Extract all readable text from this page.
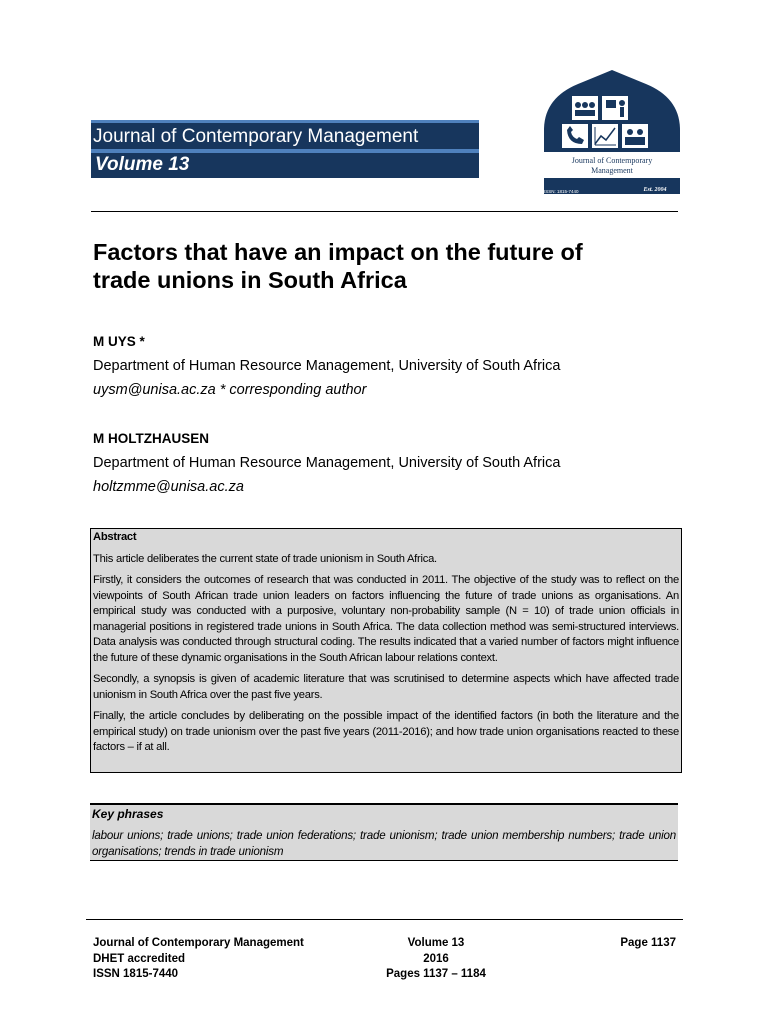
Journal of Contemporary Management
Volume 13	Journal of Contemporary
Management
ISSN: 1815-7440	Est. 2004
Factors that have an impact on the future of
trade unions in South Africa
M UYS *
Department of Human Resource Management, University of South Africa
uysm@unisa.ac.za * corresponding author
M HOLTZHAUSEN
Department of Human Resource Management, University of South Africa
holtzmme@unisa.ac.za

Abstract

This article deliberates the current state of trade unionism in South Africa.

Firstly, it considers the outcomes of research that was conducted in 2011. The objective of the study was to reflect on the viewpoints of South African trade union leaders on factors influencing the future of trade unions as organisations. An empirical study was conducted with a purposive, voluntary non-probability sample (N = 10) of trade union officials in managerial positions in registered trade unions in South Africa. The data collection method was semi-structured interviews. Data analysis was conducted through structural coding. The results indicated that a varied number of factors might influence the future of these dynamic organisations in the South African labour relations context.

Secondly, a synopsis is given of academic literature that was scrutinised to determine aspects which have affected trade unionism in South Africa over the past five years.

Finally, the article concludes by deliberating on the possible impact of the identified factors (in both the literature and the empirical study) on trade unionism over the past five years (2011-2016); and how trade union organisations reacted to these factors – if at all.

Key phrases
labour unions; trade unions; trade union federations; trade unionism; trade union membership numbers; trade union organisations; trends in trade unionism
Journal of Contemporary Management
DHET accredited
ISSN 1815-7440
Volume 13
2016
Pages 1137 – 1184
Page 1137
